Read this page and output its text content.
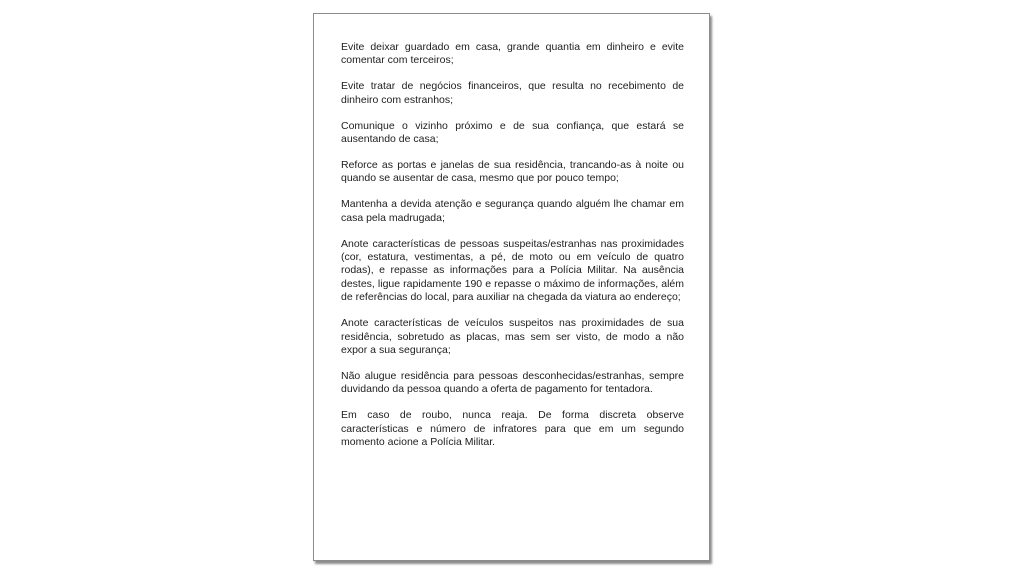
Evite deixar guardado em casa, grande quantia em dinheiro e evite comentar com terceiros;

Evite tratar de negócios financeiros, que resulta no recebimento de dinheiro com estranhos;

Comunique o vizinho próximo e de sua confiança, que estará se ausentando de casa;

Reforce as portas e janelas de sua residência, trancando-as à noite ou quando se ausentar de casa, mesmo que por pouco tempo;

Mantenha a devida atenção e segurança quando alguém lhe chamar em casa pela madrugada;

Anote características de pessoas suspeitas/estranhas nas proximidades (cor, estatura, vestimentas, a pé, de moto ou em veículo de quatro rodas), e repasse as informações para a Polícia Militar. Na ausência destes, ligue rapidamente 190 e repasse o máximo de informações, além de referências do local, para auxiliar na chegada da viatura ao endereço;

Anote características de veículos suspeitos nas proximidades de sua residência, sobretudo as placas, mas sem ser visto, de modo a não expor a sua segurança;

Não alugue residência para pessoas desconhecidas/estranhas, sempre duvidando da pessoa quando a oferta de pagamento for tentadora.

Em caso de roubo, nunca reaja. De forma discreta observe características e número de infratores para que em um segundo momento acione a Polícia Militar.
